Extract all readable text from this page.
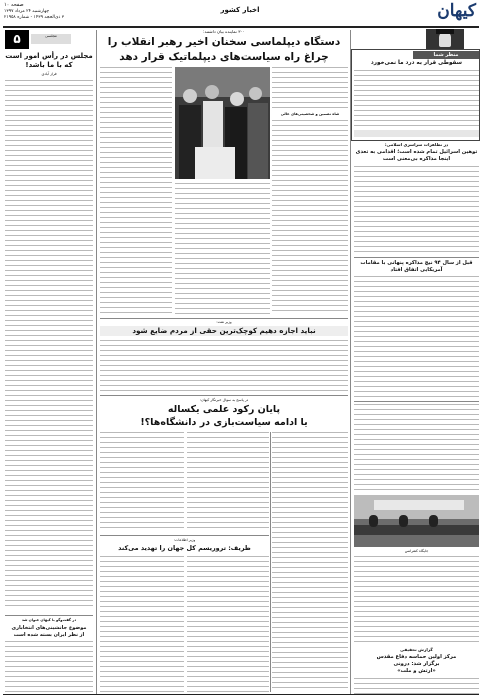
کیهان
اخبار کشور
صفحه ۱۰
چهارشنبه ۲۴ مرداد ۱۳۹۷
۳ ذی‌الحجه ۱۴۳۹ - شماره ۲۱۹۵۸
منظر شما
سقوطی قرار به درد ما نمی‌خورد
در تظاهرات سراسری اسلامی:
توهین اسرائیل تمام شده است؛ اقدامی به تعدی اینجا مذاکره بی‌معنی است
قبل از سال ۹۴ نیچ مذاکره پنهانی با مقامات آمریکایی اتفاق افتاد
جایگاه کنفرانس
گزارش تحقیقی
مرکز اولین حماسه دفاع مقدس
برگزار شد: درونی
«ارتش و ملت»
۵	مجلسی
مجلس در رأس امور است
که با ما باشد!
فراز آبادی
در گفت‌وگو با کیهان عنوان شد
موضوع جانشینی‌های انتخاباری
از نظر ایران بسته شده است
۳۰۰ نماینده بیان داشتند:
دستگاه دیپلماسی سخنان اخیر رهبر انقلاب را
چراغ راه سیاست‌های دیپلماتیک قرار دهد
شاه تضمین و شخصیتی‌های عالی
وزیر نفت:
نباید اجازه دهیم کوچک‌ترین حقی از مردم ضایع شود
در پاسخ به سوال خبرنگار کیهان:
پایان رکود علمی یکساله
یا ادامه سیاست‌بازی در دانشگاه‌ها؟!
وزیر اطلاعات:
ظریف: تروریسم کل جهان را تهدید می‌کند
